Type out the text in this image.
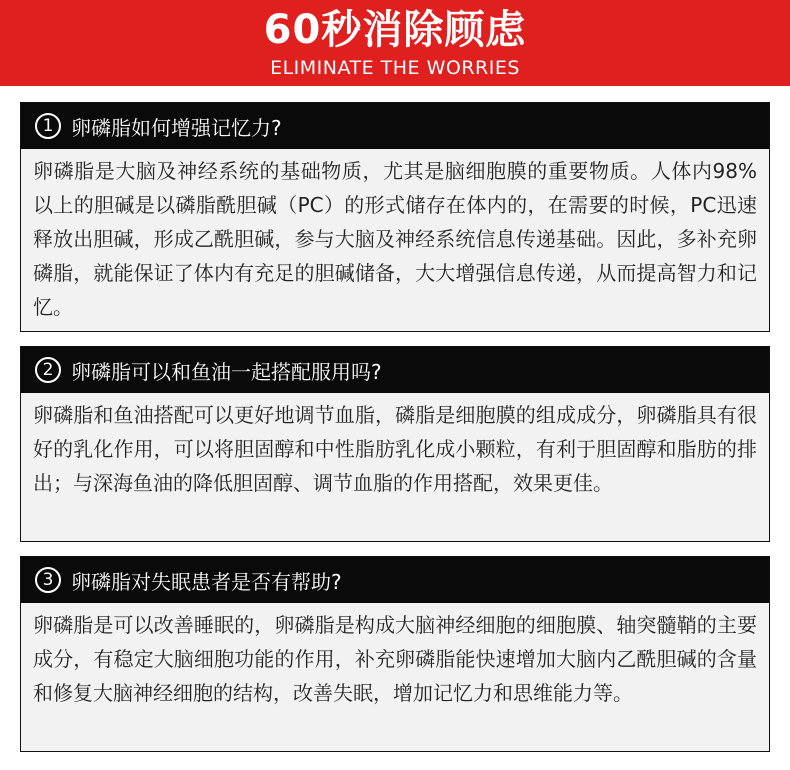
60秒消除顾虑
ELIMINATE THE WORRIES
1 卵磷脂如何增强记忆力?
卵磷脂是大脑及神经系统的基础物质，尤其是脑细胞膜的重要物质。人体内98%以上的胆碱是以磷脂酰胆碱（PC）的形式储存在体内的，在需要的时候，PC迅速释放出胆碱，形成乙酰胆碱，参与大脑及神经系统信息传递基础。因此，多补充卵磷脂，就能保证了体内有充足的胆碱储备，大大增强信息传递，从而提高智力和记忆。
2 卵磷脂可以和鱼油一起搭配服用吗?
卵磷脂和鱼油搭配可以更好地调节血脂，磷脂是细胞膜的组成成分，卵磷脂具有很好的乳化作用，可以将胆固醇和中性脂肪乳化成小颗粒，有利于胆固醇和脂肪的排出；与深海鱼油的降低胆固醇、调节血脂的作用搭配，效果更佳。
3 卵磷脂对失眠患者是否有帮助?
卵磷脂是可以改善睡眠的，卵磷脂是构成大脑神经细胞的细胞膜、轴突髓鞘的主要成分，有稳定大脑细胞功能的作用，补充卵磷脂能快速增加大脑内乙酰胆碱的含量和修复大脑神经细胞的结构，改善失眠，增加记忆力和思维能力等。
